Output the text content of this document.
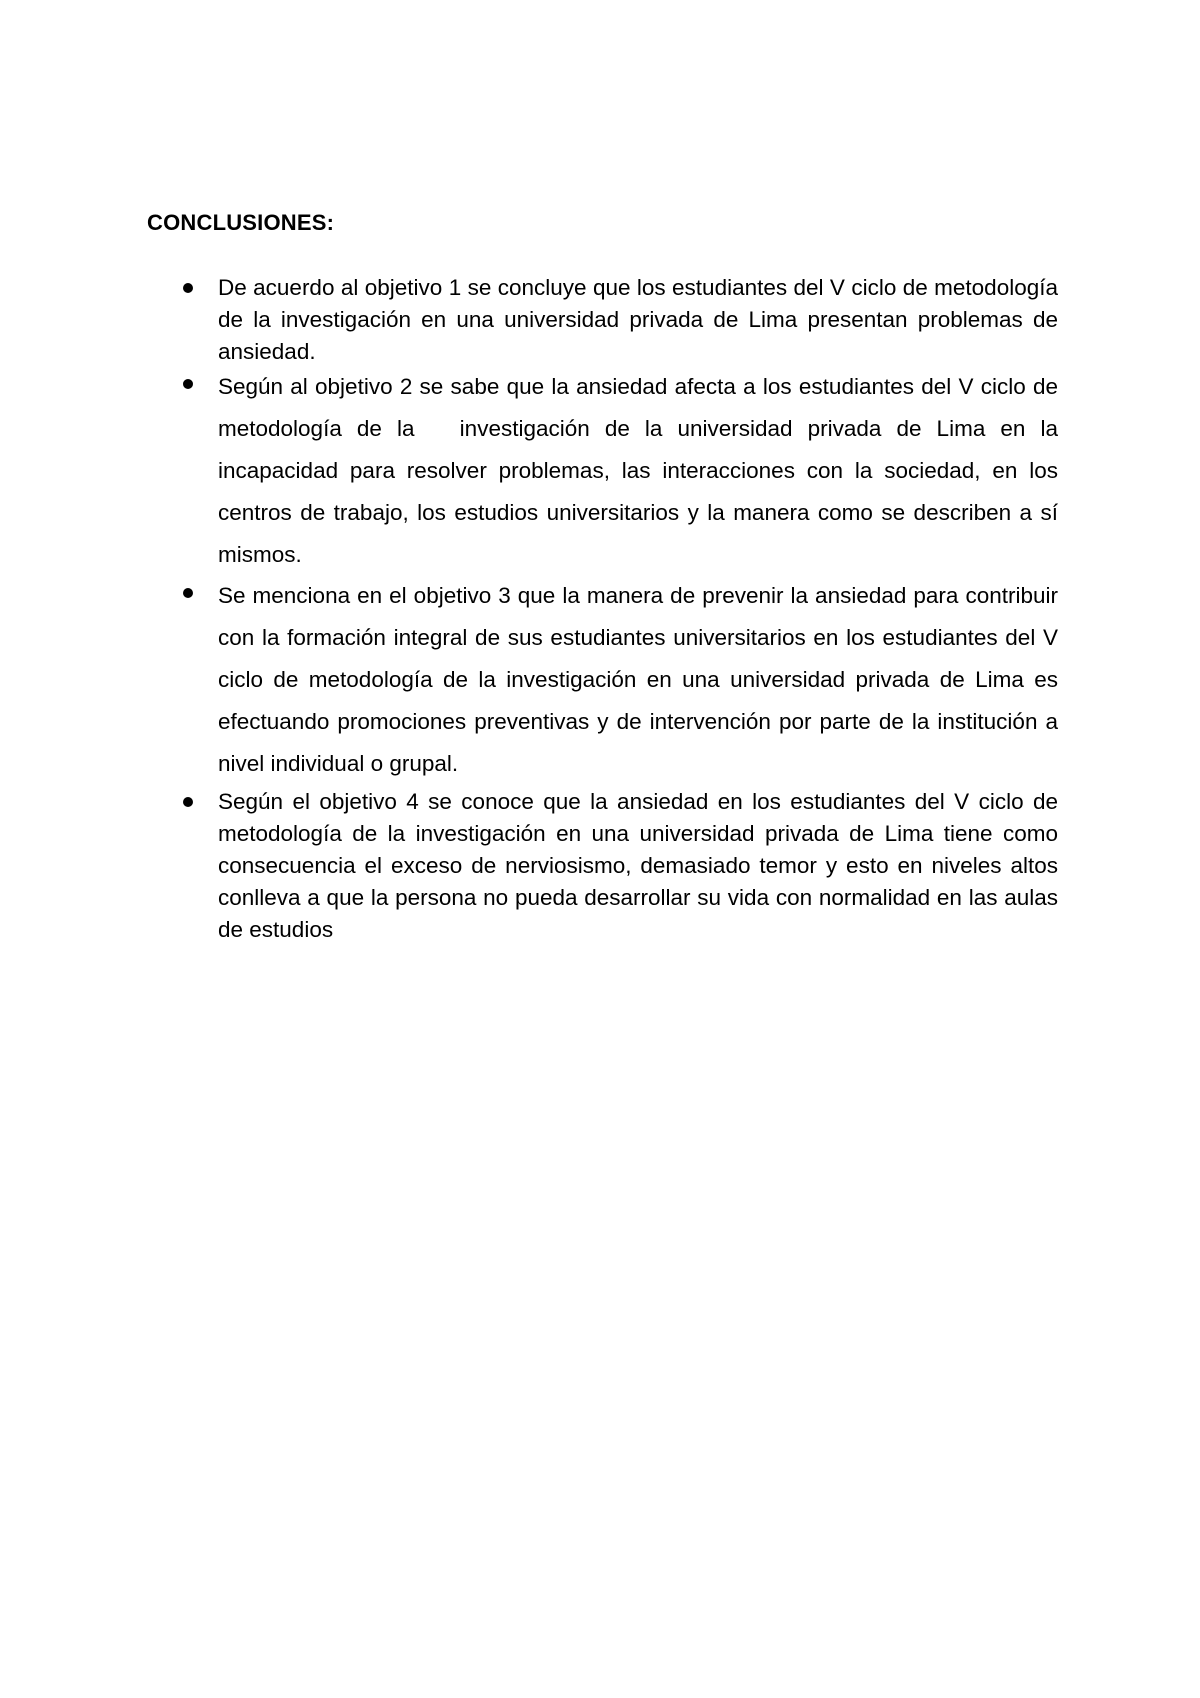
CONCLUSIONES:

De acuerdo al objetivo 1 se concluye que los estudiantes del V ciclo de metodología de la investigación en una universidad privada de Lima presentan problemas de ansiedad.

Según al objetivo 2 se sabe que la ansiedad afecta a los estudiantes del V ciclo de metodología de la   investigación de la universidad privada de Lima en la incapacidad para resolver problemas, las interacciones con la sociedad, en los centros de trabajo, los estudios universitarios y la manera como se describen a sí mismos.

Se menciona en el objetivo 3 que la manera de prevenir la ansiedad para contribuir con la formación integral de sus estudiantes universitarios en los estudiantes del V ciclo de metodología de la investigación en una universidad privada de Lima es efectuando promociones preventivas y de intervención por parte de la institución a nivel individual o grupal.

Según el objetivo 4 se conoce que la ansiedad en los estudiantes del V ciclo de metodología de la investigación en una universidad privada de Lima tiene como consecuencia el exceso de nerviosismo, demasiado temor y esto en niveles altos conlleva a que la persona no pueda desarrollar su vida con normalidad en las aulas de estudios
